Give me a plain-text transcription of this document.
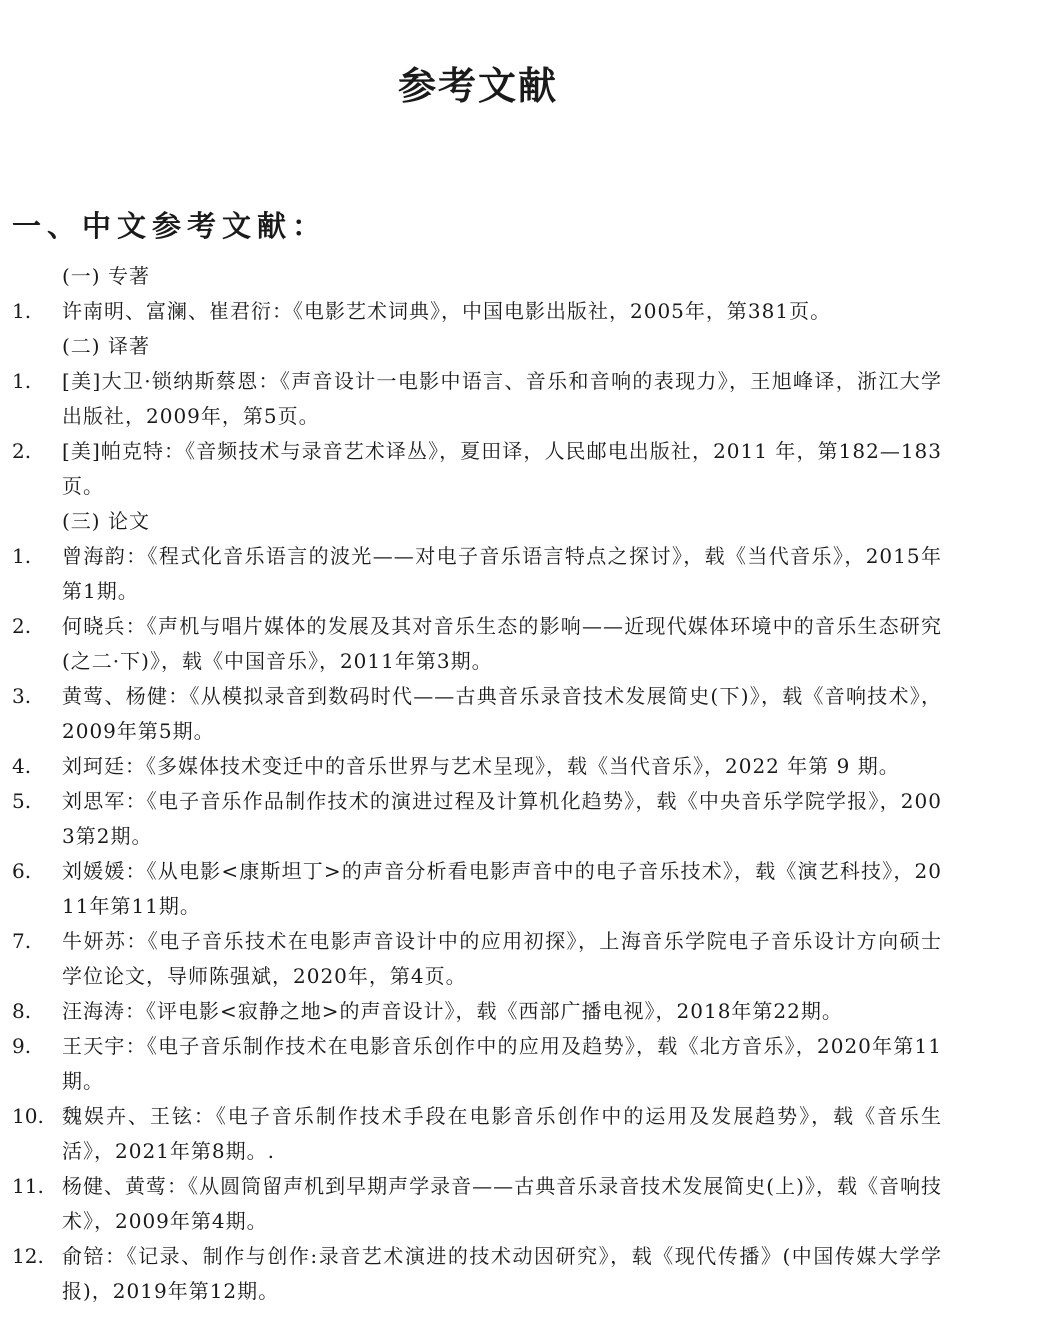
参考文献
一、中文参考文献：

(一) 专著

1. 许南明、富澜、崔君衍：《电影艺术词典》，中国电影出版社，2005年，第381页。

(二) 译著

1. [美]大卫·锁纳斯蔡恩：《声音设计一电影中语言、音乐和音响的表现力》，王旭峰译，浙江大学出版社，2009年，第5页。
2. [美]帕克特：《音频技术与录音艺术译丛》，夏田译，人民邮电出版社，2011 年，第182—183页。

(三) 论文

1. 曾海韵：《程式化音乐语言的波光——对电子音乐语言特点之探讨》，载《当代音乐》，2015年第1期。
2. 何晓兵：《声机与唱片媒体的发展及其对音乐生态的影响——近现代媒体环境中的音乐生态研究(之二·下)》，载《中国音乐》，2011年第3期。
3. 黄莺、杨健：《从模拟录音到数码时代——古典音乐录音技术发展简史(下)》，载《音响技术》，2009年第5期。
4. 刘珂廷：《多媒体技术变迁中的音乐世界与艺术呈现》，载《当代音乐》，2022 年第 9 期。
5. 刘思军：《电子音乐作品制作技术的演进过程及计算机化趋势》，载《中央音乐学院学报》，2003第2期。
6. 刘媛媛：《从电影<康斯坦丁>的声音分析看电影声音中的电子音乐技术》，载《演艺科技》，2011年第11期。
7. 牛妍苏：《电子音乐技术在电影声音设计中的应用初探》，上海音乐学院电子音乐设计方向硕士学位论文，导师陈强斌，2020年，第4页。
8. 汪海涛：《评电影<寂静之地>的声音设计》，载《西部广播电视》，2018年第22期。
9. 王天宇：《电子音乐制作技术在电影音乐创作中的应用及趋势》，载《北方音乐》，2020年第11期。
10. 魏娱卉、王铉：《电子音乐制作技术手段在电影音乐创作中的运用及发展趋势》，载《音乐生活》，2021年第8期。.
11. 杨健、黄莺：《从圆筒留声机到早期声学录音——古典音乐录音技术发展简史(上)》，载《音响技术》，2009年第4期。
12. 俞锫：《记录、制作与创作:录音艺术演进的技术动因研究》，载《现代传播》(中国传媒大学学报)，2019年第12期。
